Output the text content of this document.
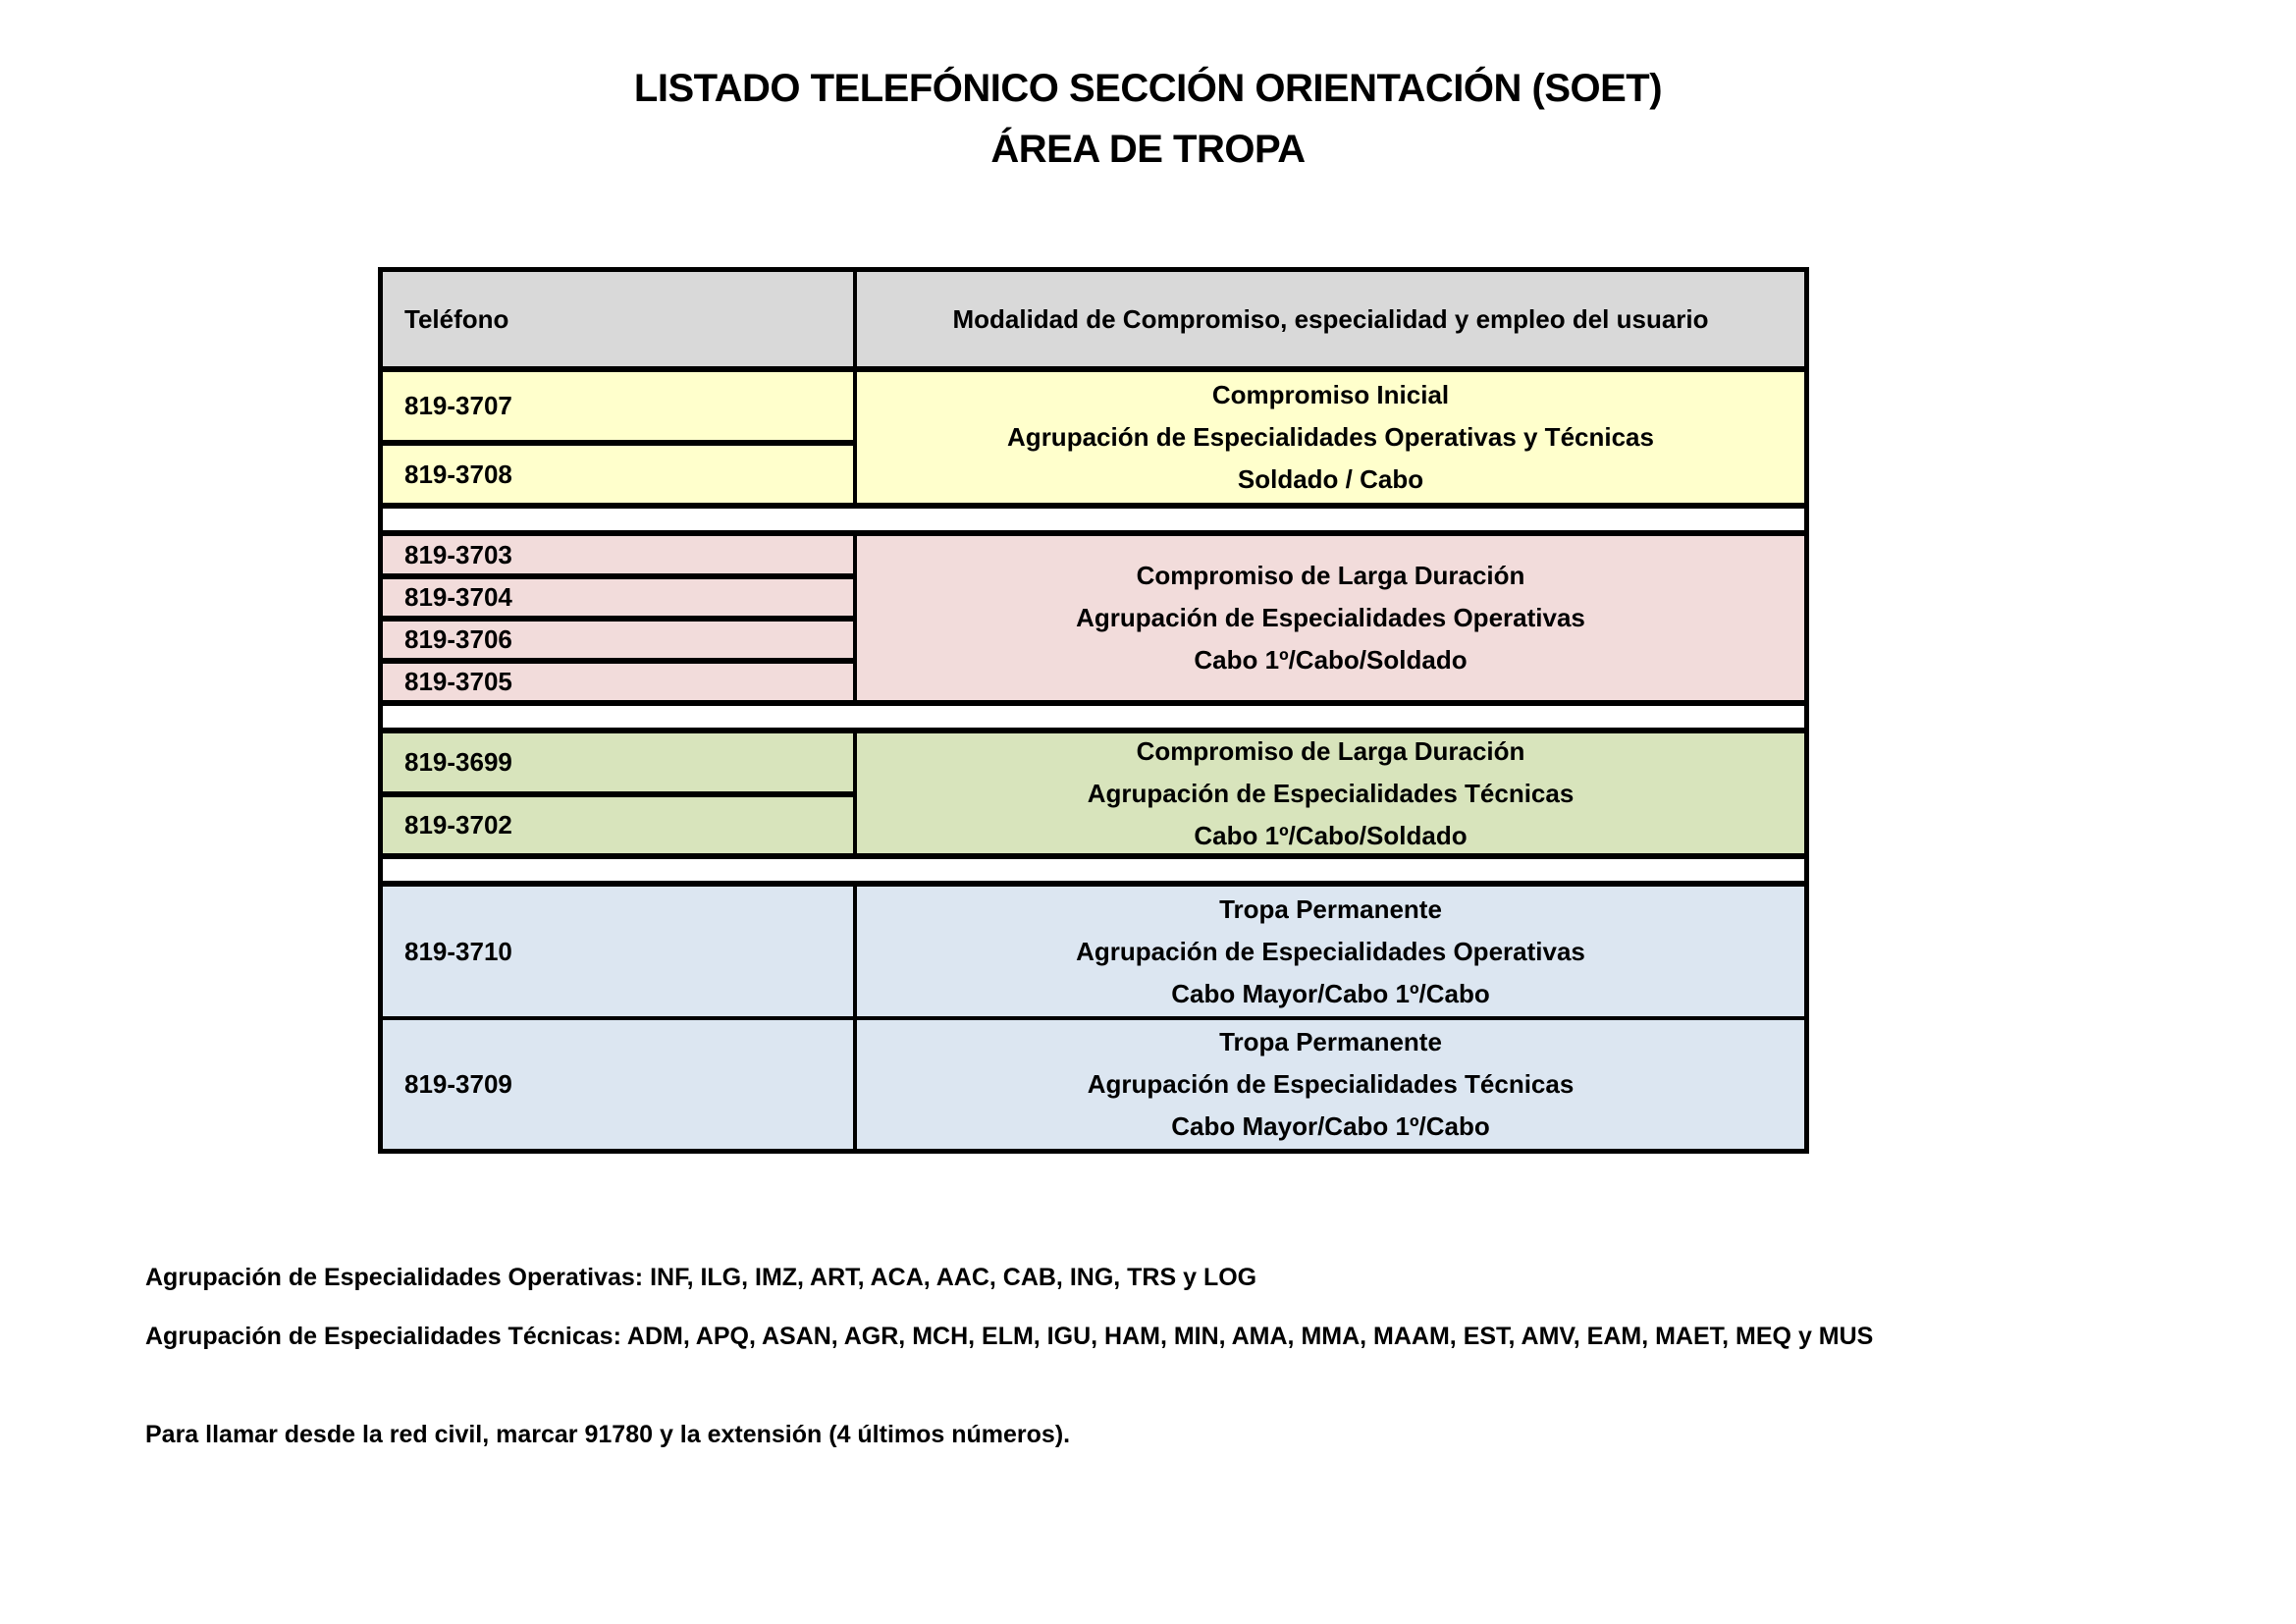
LISTADO TELEFÓNICO SECCIÓN ORIENTACIÓN (SOET)
ÁREA DE TROPA
Teléfono	Modalidad de Compromiso, especialidad y empleo del usuario
819-3707
819-3708
Compromiso Inicial
Agrupación de Especialidades Operativas y Técnicas
Soldado / Cabo
819-3703
819-3704
819-3706
819-3705
Compromiso de Larga Duración
Agrupación de Especialidades Operativas
Cabo 1º/Cabo/Soldado
819-3699
819-3702
Compromiso de Larga Duración
Agrupación de Especialidades Técnicas
Cabo 1º/Cabo/Soldado
819-3710
Tropa Permanente
Agrupación de Especialidades Operativas
Cabo Mayor/Cabo 1º/Cabo
819-3709
Tropa Permanente
Agrupación de Especialidades Técnicas
Cabo Mayor/Cabo 1º/Cabo
Agrupación de Especialidades Operativas: INF, ILG, IMZ, ART, ACA, AAC, CAB, ING, TRS y LOG
Agrupación de Especialidades Técnicas: ADM, APQ, ASAN, AGR, MCH, ELM, IGU, HAM, MIN, AMA, MMA, MAAM, EST, AMV, EAM, MAET, MEQ y MUS
Para llamar desde la red civil, marcar 91780 y la extensión (4 últimos números).
